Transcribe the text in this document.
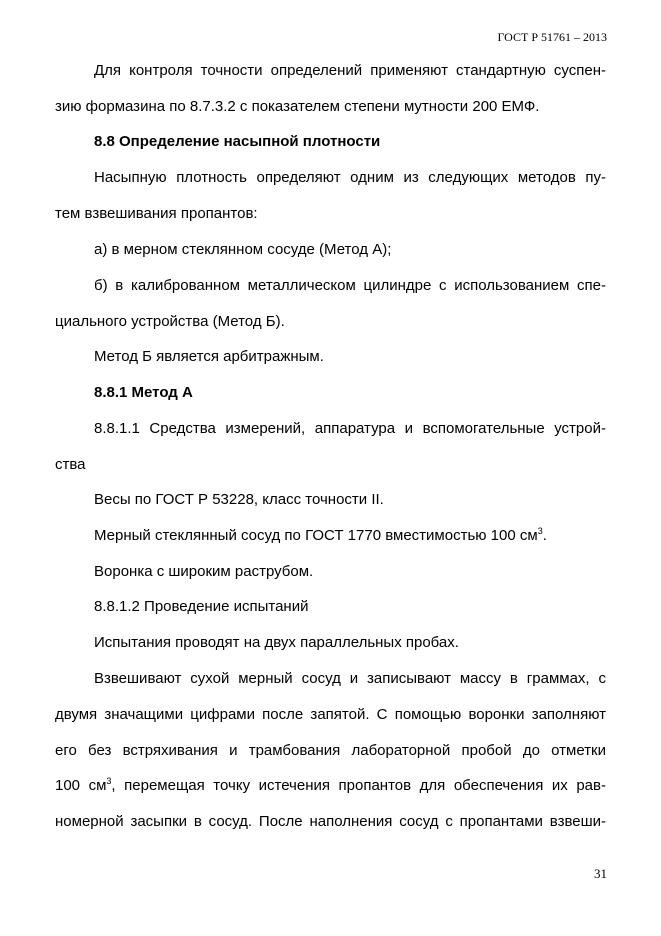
ГОСТ Р 51761 – 2013
Для контроля точности определений применяют стандартную суспен-
зию формазина по 8.7.3.2 с показателем степени мутности 200 ЕМФ.
8.8 Определение насыпной плотности
Насыпную плотность определяют одним из следующих методов пу-
тем взвешивания пропантов:
а) в мерном стеклянном сосуде (Метод А);
б) в калиброванном металлическом цилиндре с использованием спе-
циального устройства (Метод Б).
Метод Б является арбитражным.
8.8.1 Метод А
8.8.1.1 Средства измерений, аппаратура и вспомогательные устрой-
ства
Весы по ГОСТ Р 53228, класс точности II.
Мерный стеклянный сосуд по ГОСТ 1770 вместимостью 100 $см^3$.
Воронка с широким раструбом.
8.8.1.2 Проведение испытаний
Испытания проводят на двух параллельных пробах.
Взвешивают сухой мерный сосуд и записывают массу в граммах, с
двумя значащими цифрами после запятой. С помощью воронки заполняют
его без встряхивания и трамбования лабораторной пробой до отметки
100 $см^3$, перемещая точку истечения пропантов для обеспечения их рав-
номерной засыпки в сосуд. После наполнения сосуд с пропантами взвеши-
31
